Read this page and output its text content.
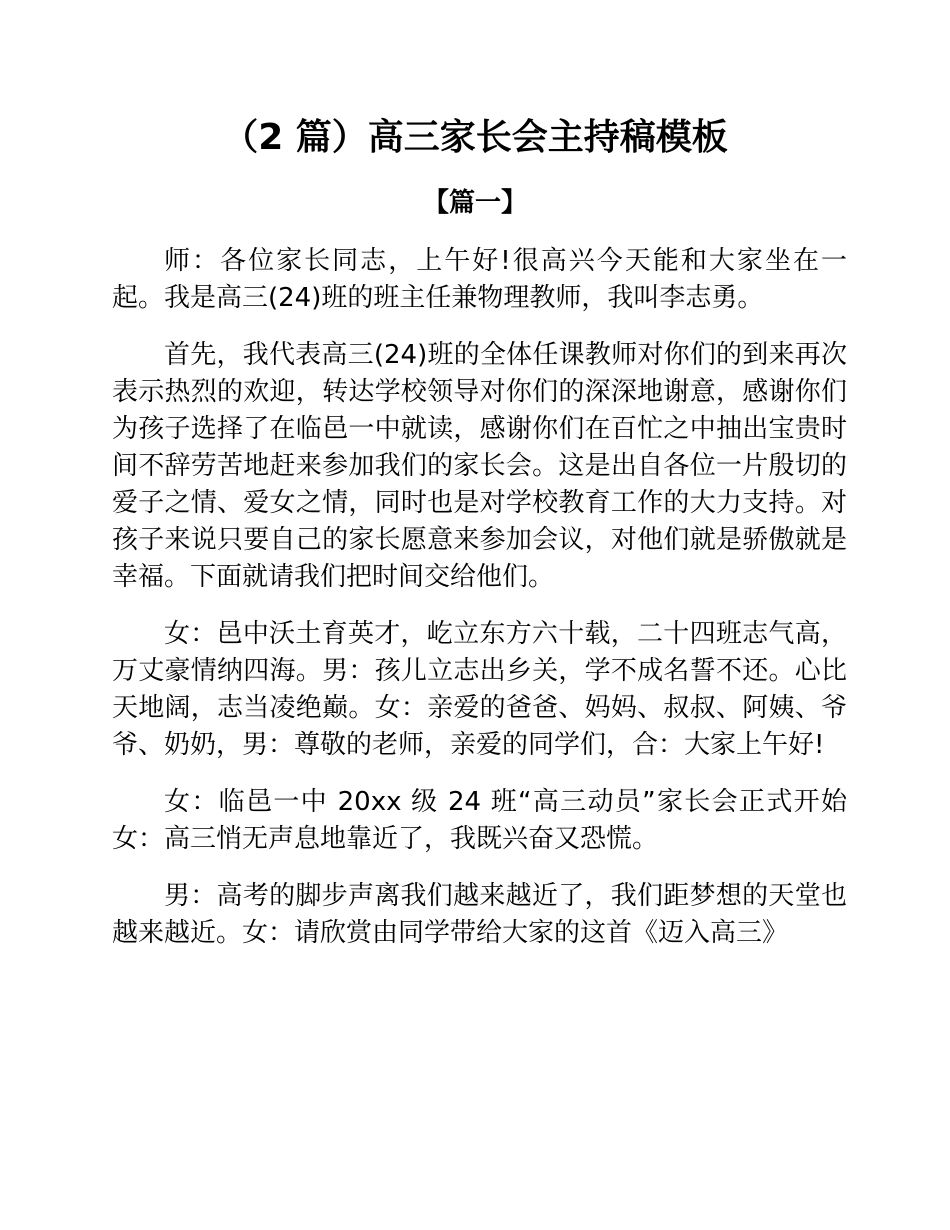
（2 篇）高三家长会主持稿模板
【篇一】

师：各位家长同志，上午好!很高兴今天能和大家坐在一起。我是高三(24)班的班主任兼物理教师，我叫李志勇。

首先，我代表高三(24)班的全体任课教师对你们的到来再次表示热烈的欢迎，转达学校领导对你们的深深地谢意，感谢你们为孩子选择了在临邑一中就读，感谢你们在百忙之中抽出宝贵时间不辞劳苦地赶来参加我们的家长会。这是出自各位一片殷切的爱子之情、爱女之情，同时也是对学校教育工作的大力支持。对孩子来说只要自己的家长愿意来参加会议，对他们就是骄傲就是幸福。下面就请我们把时间交给他们。

女：邑中沃土育英才，屹立东方六十载，二十四班志气高，万丈豪情纳四海。男：孩儿立志出乡关，学不成名誓不还。心比天地阔，志当凌绝巅。女：亲爱的爸爸、妈妈、叔叔、阿姨、爷爷、奶奶，男：尊敬的老师，亲爱的同学们，合：大家上午好!

女：临邑一中 20xx 级 24 班“高三动员”家长会正式开始女：高三悄无声息地靠近了，我既兴奋又恐慌。

男：高考的脚步声离我们越来越近了，我们距梦想的天堂也越来越近。女：请欣赏由同学带给大家的这首《迈入高三》
